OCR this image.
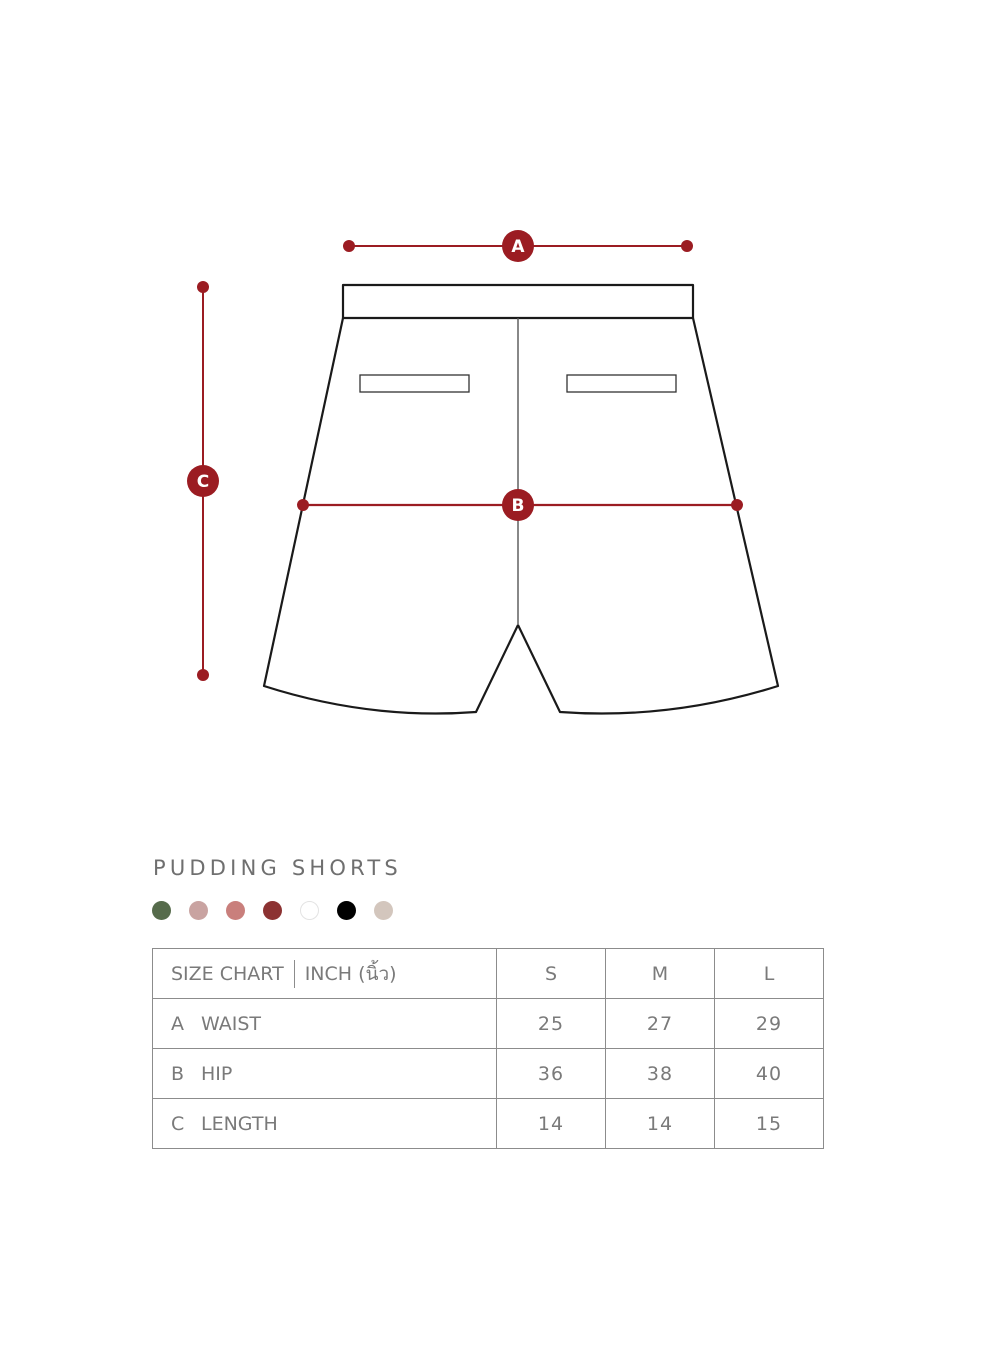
A
B
C
PUDDING SHORTS
SIZE CHART INCH (นิ้ว)	S	M	L
A WAIST	25	27	29
B HIP	36	38	40
C LENGTH	14	14	15
